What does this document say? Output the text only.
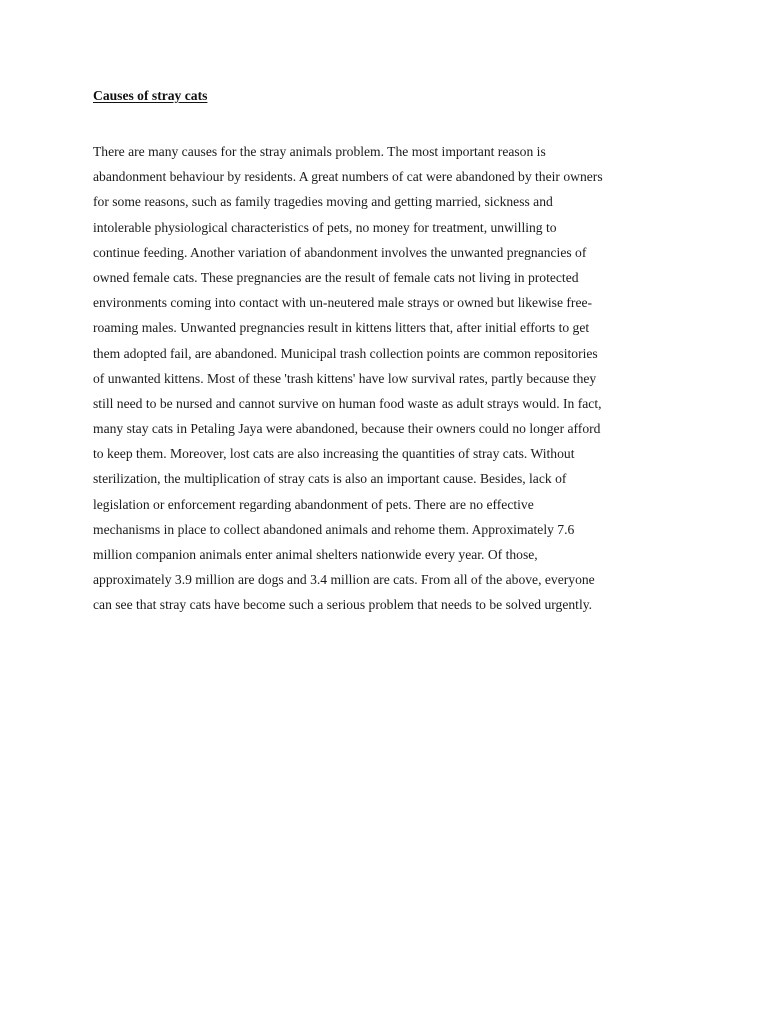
Causes of stray cats
There are many causes for the stray animals problem. The most important reason is
abandonment behaviour by residents. A great numbers of cat were abandoned by their owners
for some reasons, such as family tragedies moving and getting married, sickness and
intolerable physiological characteristics of pets, no money for treatment, unwilling to
continue feeding. Another variation of abandonment involves the unwanted pregnancies of
owned female cats. These pregnancies are the result of female cats not living in protected
environments coming into contact with un-neutered male strays or owned but likewise free-
roaming males. Unwanted pregnancies result in kittens litters that, after initial efforts to get
them adopted fail, are abandoned. Municipal trash collection points are common repositories
of unwanted kittens. Most of these 'trash kittens' have low survival rates, partly because they
still need to be nursed and cannot survive on human food waste as adult strays would. In fact,
many stay cats in Petaling Jaya were abandoned, because their owners could no longer afford
to keep them. Moreover, lost cats are also increasing the quantities of stray cats. Without
sterilization, the multiplication of stray cats is also an important cause. Besides, lack of
legislation or enforcement regarding abandonment of pets. There are no effective
mechanisms in place to collect abandoned animals and rehome them. Approximately 7.6
million companion animals enter animal shelters nationwide every year. Of those,
approximately 3.9 million are dogs and 3.4 million are cats. From all of the above, everyone
can see that stray cats have become such a serious problem that needs to be solved urgently.
